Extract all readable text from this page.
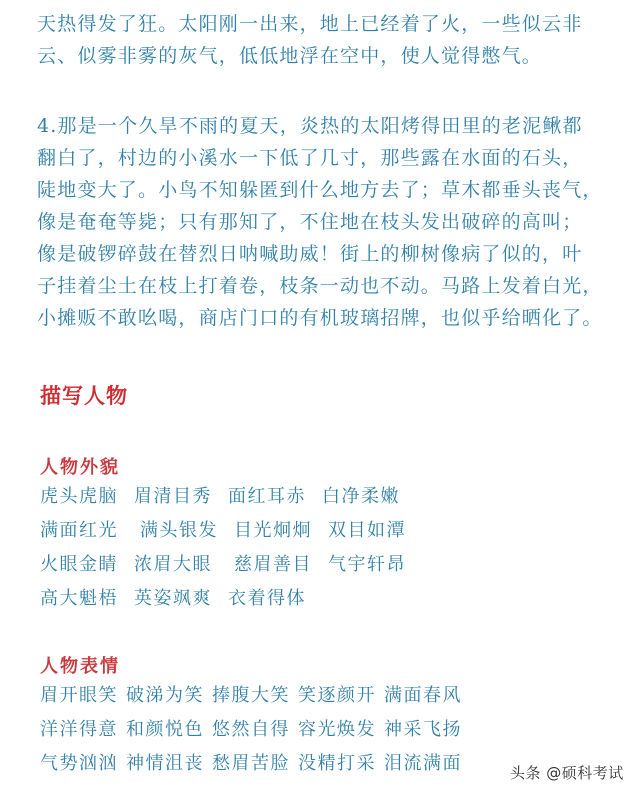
天热得发了狂。太阳刚一出来，地上已经着了火，一些似云非
云、似雾非雾的灰气，低低地浮在空中，使人觉得憋气。
4.那是一个久旱不雨的夏天，炎热的太阳烤得田里的老泥鳅都
翻白了，村边的小溪水一下低了几寸，那些露在水面的石头，
陡地变大了。小鸟不知躲匿到什么地方去了；草木都垂头丧气，
像是奄奄等毙；只有那知了，不住地在枝头发出破碎的高叫；
像是破锣碎鼓在替烈日呐喊助威！街上的柳树像病了似的，叶
子挂着尘土在枝上打着卷，枝条一动也不动。马路上发着白光，
小摊贩不敢吆喝，商店门口的有机玻璃招牌，也似乎给晒化了。
描写人物
人物外貌
虎头虎脑 眉清目秀 面红耳赤 白净柔嫩
满面红光 满头银发 目光炯炯 双目如潭
火眼金睛 浓眉大眼 慈眉善目 气宇轩昂
高大魁梧 英姿飒爽 衣着得体
人物表情
眉开眼笑 破涕为笑 捧腹大笑 笑逐颜开 满面春风
洋洋得意 和颜悦色 悠然自得 容光焕发 神采飞扬
气势汹汹 神情沮丧 愁眉苦脸 没精打采 泪流满面	头条 @硕科考试
